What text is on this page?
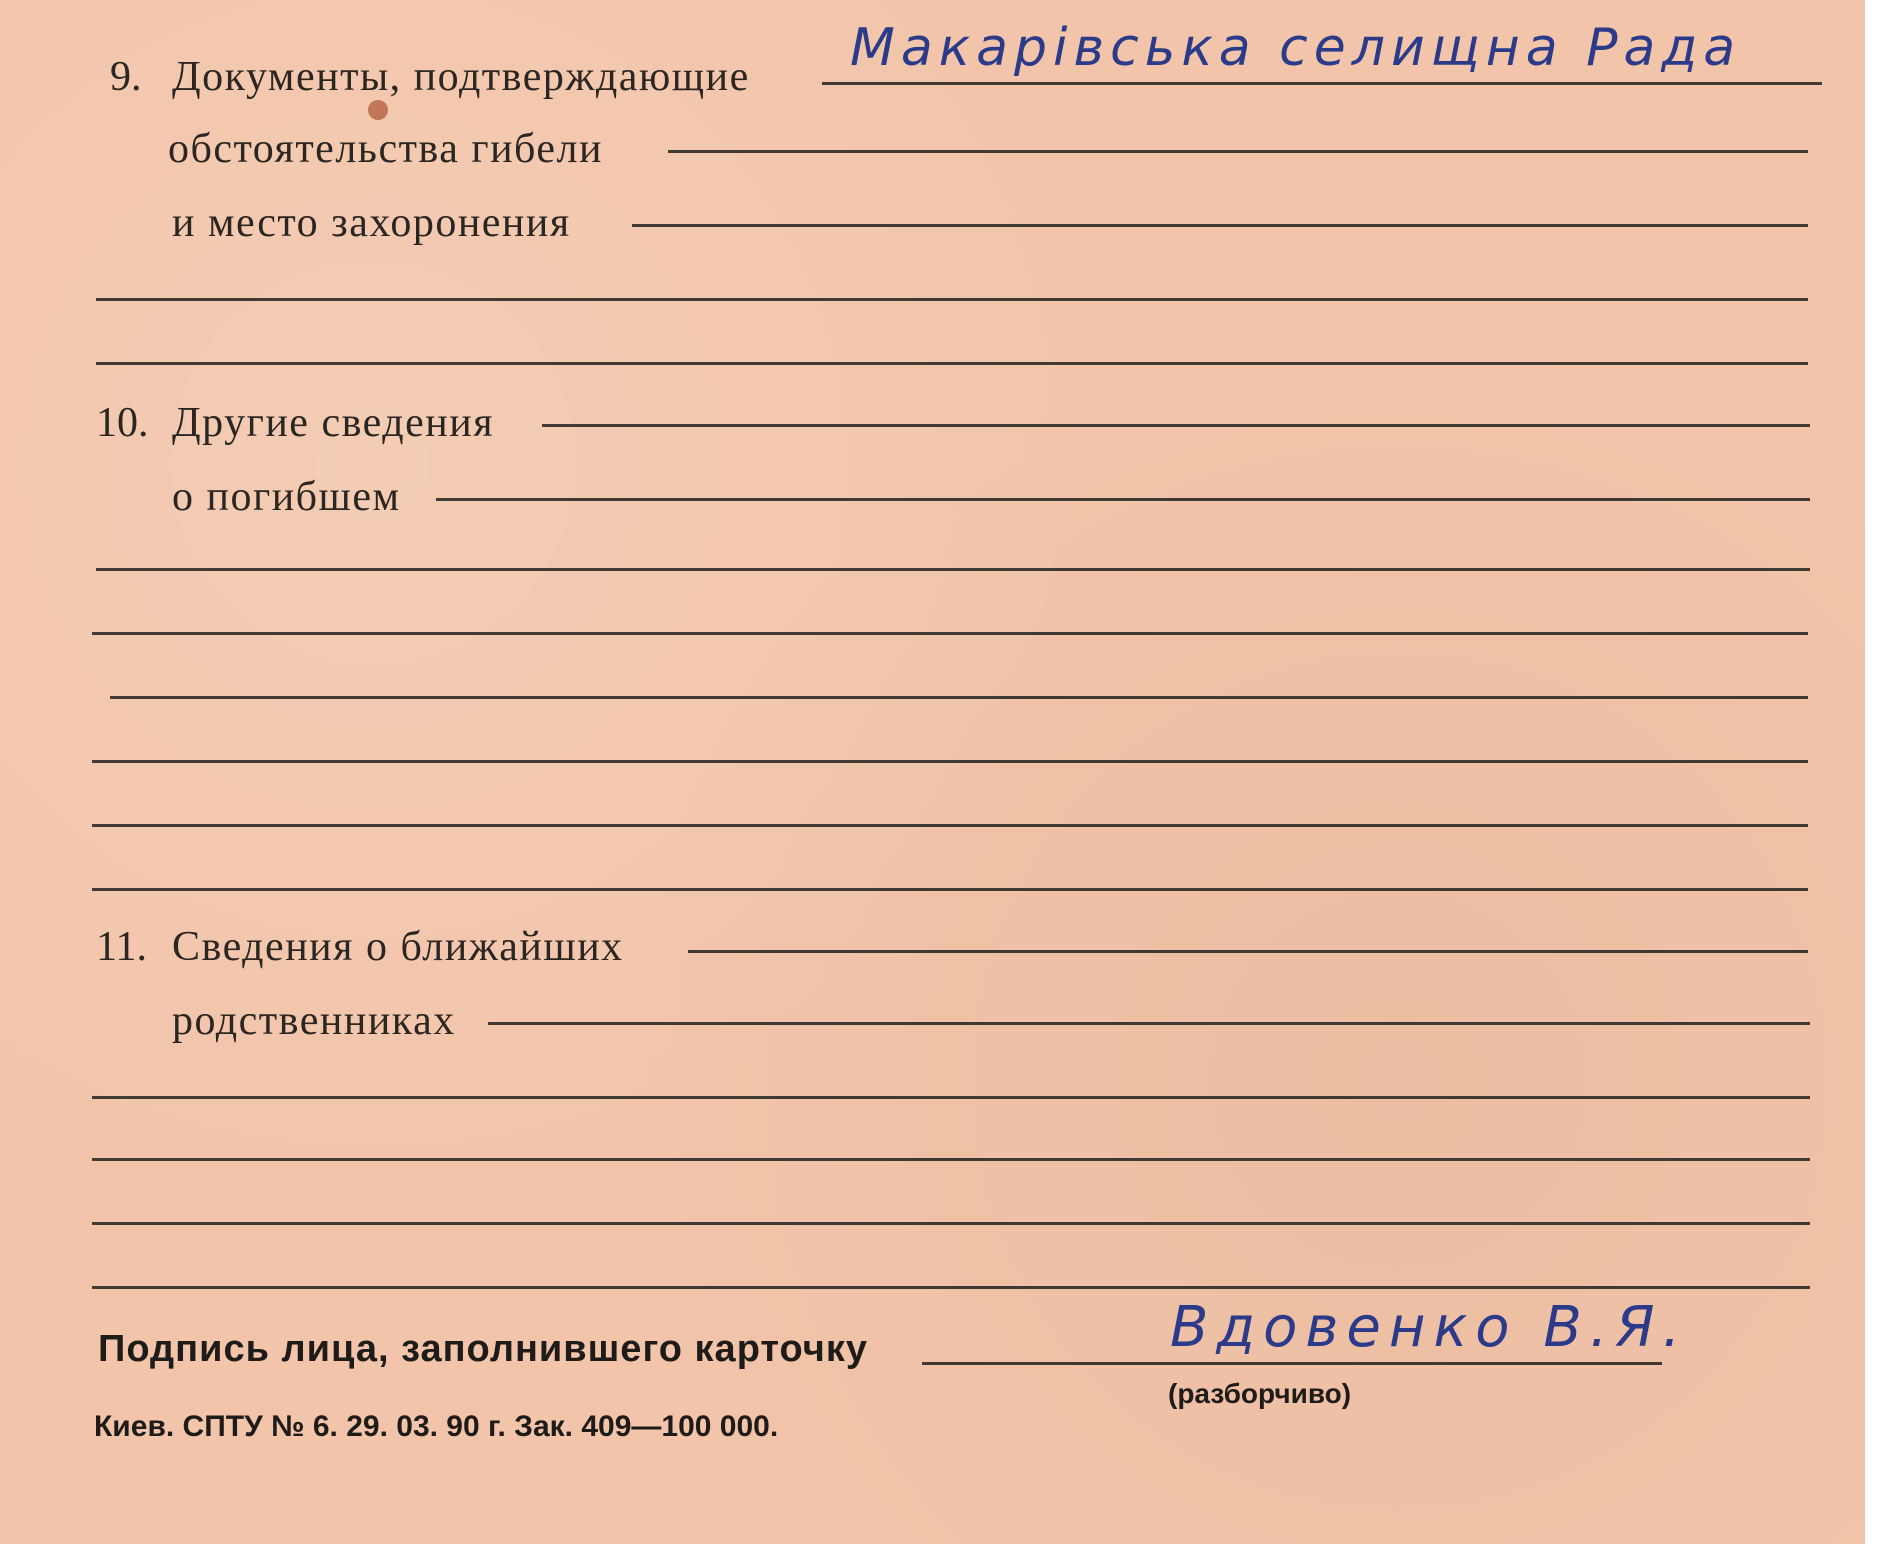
9. Документы, подтверждающие Макарiвська селищна Рада
обстоятельства гибели
и место захоронения
10. Другие сведения
о погибшем
11. Сведения о ближайших
родственниках
Подпись лица, заполнившего карточку	Вдовенко В.Я.
(разборчиво)
Киев. СПТУ № 6. 29. 03. 90 г. Зак. 409—100 000.
